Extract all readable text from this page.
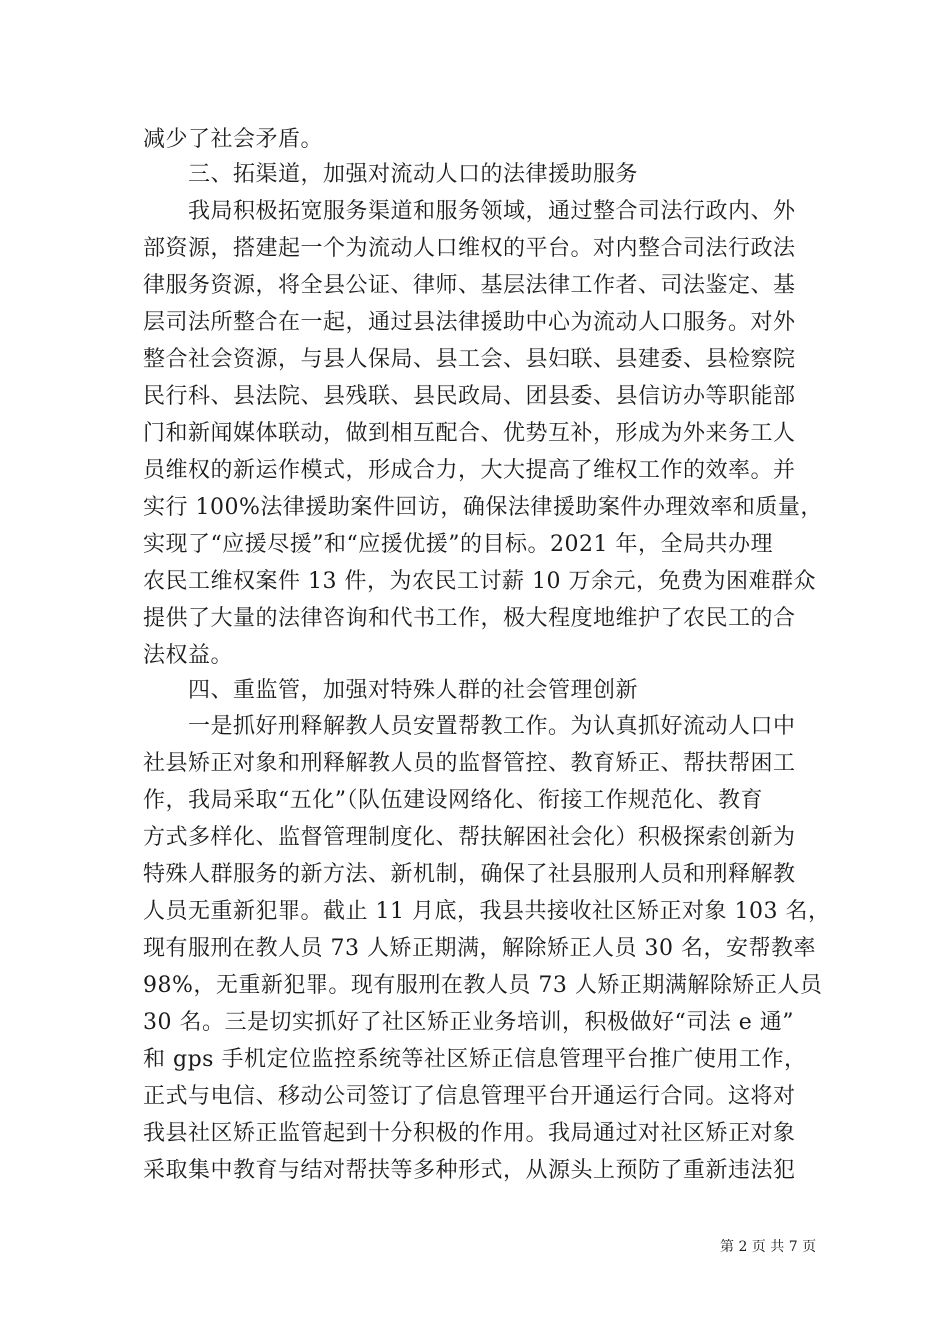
减少了社会矛盾。
三、拓渠道，加强对流动人口的法律援助服务
我局积极拓宽服务渠道和服务领域，通过整合司法行政内、外
部资源，搭建起一个为流动人口维权的平台。对内整合司法行政法
律服务资源，将全县公证、律师、基层法律工作者、司法鉴定、基
层司法所整合在一起，通过县法律援助中心为流动人口服务。对外
整合社会资源，与县人保局、县工会、县妇联、县建委、县检察院
民行科、县法院、县残联、县民政局、团县委、县信访办等职能部
门和新闻媒体联动，做到相互配合、优势互补，形成为外来务工人
员维权的新运作模式，形成合力，大大提高了维权工作的效率。并
实行 100%法律援助案件回访，确保法律援助案件办理效率和质量，
实现了“应援尽援”和“应援优援”的目标。2021 年，全局共办理
农民工维权案件 13 件，为农民工讨薪 10 万余元，免费为困难群众
提供了大量的法律咨询和代书工作，极大程度地维护了农民工的合
法权益。
四、重监管，加强对特殊人群的社会管理创新
一是抓好刑释解教人员安置帮教工作。为认真抓好流动人口中
社县矫正对象和刑释解教人员的监督管控、教育矫正、帮扶帮困工
作，我局采取“五化”（队伍建设网络化、衔接工作规范化、教育
方式多样化、监督管理制度化、帮扶解困社会化）积极探索创新为
特殊人群服务的新方法、新机制，确保了社县服刑人员和刑释解教
人员无重新犯罪。截止 11 月底，我县共接收社区矫正对象 103 名，
现有服刑在教人员 73 人矫正期满，解除矫正人员 30 名，安帮教率
98%，无重新犯罪。现有服刑在教人员 73 人矫正期满解除矫正人员
30 名。三是切实抓好了社区矫正业务培训，积极做好“司法 e 通”
和 gps 手机定位监控系统等社区矫正信息管理平台推广使用工作，
正式与电信、移动公司签订了信息管理平台开通运行合同。这将对
我县社区矫正监管起到十分积极的作用。我局通过对社区矫正对象
采取集中教育与结对帮扶等多种形式，从源头上预防了重新违法犯
第 2 页 共 7 页
